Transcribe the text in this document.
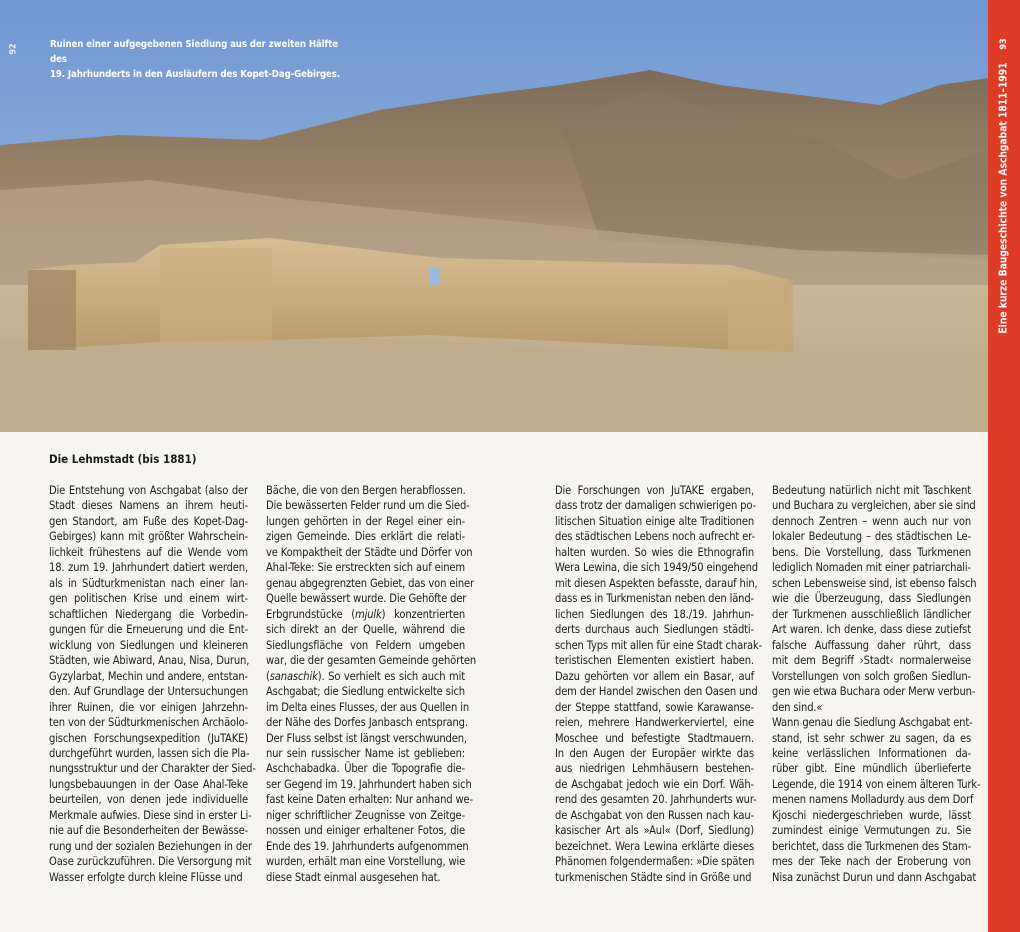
92	Ruinen einer aufgegebenen Siedlung aus der zweiten Hälfte des
19. Jahrhunderts in den Ausläufern des Kopet-Dag-Gebirges.
93
Eine kurze Baugeschichte von Aschgabat 1811–1991
Die Lehmstadt (bis 1881)
Die Entstehung von Aschgabat (also der
Stadt dieses Namens an ihrem heuti-
gen Standort, am Fuße des Kopet-Dag-
Gebirges) kann mit größter Wahrschein-
lichkeit frühestens auf die Wende vom
18. zum 19. Jahrhundert datiert werden,
als in Südturkmenistan nach einer lan-
gen politischen Krise und einem wirt-
schaftlichen Niedergang die Vorbedin-
gungen für die Erneuerung und die Ent-
wicklung von Siedlungen und kleineren
Städten, wie Abiward, Anau, Nisa, Durun,
Gyzylarbat, Mechin und andere, entstan-
den. Auf Grundlage der Untersuchungen
ihrer Ruinen, die vor einigen Jahrzehn-
ten von der Südturkmenischen Archäolo-
gischen Forschungsexpedition (JuTAKE)
durchgeführt wurden, lassen sich die Pla-
nungsstruktur und der Charakter der Sied-
lungsbebauungen in der Oase Ahal-Teke
beurteilen, von denen jede individuelle
Merkmale aufwies. Diese sind in erster Li-
nie auf die Besonderheiten der Bewässe-
rung und der sozialen Beziehungen in der
Oase zurückzuführen. Die Versorgung mit
Wasser erfolgte durch kleine Flüsse und
Bäche, die von den Bergen herabflossen.
Die bewässerten Felder rund um die Sied-
lungen gehörten in der Regel einer ein-
zigen Gemeinde. Dies erklärt die relati-
ve Kompaktheit der Städte und Dörfer von
Ahal-Teke: Sie erstreckten sich auf einem
genau abgegrenzten Gebiet, das von einer
Quelle bewässert wurde. Die Gehöfte der
Erbgrundstücke (mjulk) konzentrierten
sich direkt an der Quelle, während die
Siedlungsfläche von Feldern umgeben
war, die der gesamten Gemeinde gehörten
(sanaschik). So verhielt es sich auch mit
Aschgabat; die Siedlung entwickelte sich
im Delta eines Flusses, der aus Quellen in
der Nähe des Dorfes Janbasch entsprang.
Der Fluss selbst ist längst verschwunden,
nur sein russischer Name ist geblieben:
Aschchabadka. Über die Topografie die-
ser Gegend im 19. Jahrhundert haben sich
fast keine Daten erhalten: Nur anhand we-
niger schriftlicher Zeugnisse von Zeitge-
nossen und einiger erhaltener Fotos, die
Ende des 19. Jahrhunderts aufgenommen
wurden, erhält man eine Vorstellung, wie
diese Stadt einmal ausgesehen hat.
Die Forschungen von JuTAKE ergaben,
dass trotz der damaligen schwierigen po-
litischen Situation einige alte Traditionen
des städtischen Lebens noch aufrecht er-
halten wurden. So wies die Ethnografin
Wera Lewina, die sich 1949/50 eingehend
mit diesen Aspekten befasste, darauf hin,
dass es in Turkmenistan neben den länd-
lichen Siedlungen des 18./19. Jahrhun-
derts durchaus auch Siedlungen städti-
schen Typs mit allen für eine Stadt charak-
teristischen Elementen existiert haben.
Dazu gehörten vor allem ein Basar, auf
dem der Handel zwischen den Oasen und
der Steppe stattfand, sowie Karawanse-
reien, mehrere Handwerkerviertel, eine
Moschee und befestigte Stadtmauern.
In den Augen der Europäer wirkte das
aus niedrigen Lehmhäusern bestehen-
de Aschgabat jedoch wie ein Dorf. Wäh-
rend des gesamten 20. Jahrhunderts wur-
de Aschgabat von den Russen nach kau-
kasischer Art als »Aul« (Dorf, Siedlung)
bezeichnet. Wera Lewina erklärte dieses
Phänomen folgendermaßen: »Die späten
turkmenischen Städte sind in Größe und
Bedeutung natürlich nicht mit Taschkent
und Buchara zu vergleichen, aber sie sind
dennoch Zentren – wenn auch nur von
lokaler Bedeutung – des städtischen Le-
bens. Die Vorstellung, dass Turkmenen
lediglich Nomaden mit einer patriarchali-
schen Lebensweise sind, ist ebenso falsch
wie die Überzeugung, dass Siedlungen
der Turkmenen ausschließlich ländlicher
Art waren. Ich denke, dass diese zutiefst
falsche Auffassung daher rührt, dass
mit dem Begriff ›Stadt‹ normalerweise
Vorstellungen von solch großen Siedlun-
gen wie etwa Buchara oder Merw verbun-
den sind.«
Wann genau die Siedlung Aschgabat ent-
stand, ist sehr schwer zu sagen, da es
keine verlässlichen Informationen da-
rüber gibt. Eine mündlich überlieferte
Legende, die 1914 von einem älteren Turk-
menen namens Molladurdy aus dem Dorf
Kjoschi niedergeschrieben wurde, lässt
zumindest einige Vermutungen zu. Sie
berichtet, dass die Turkmenen des Stam-
mes der Teke nach der Eroberung von
Nisa zunächst Durun und dann Aschgabat
